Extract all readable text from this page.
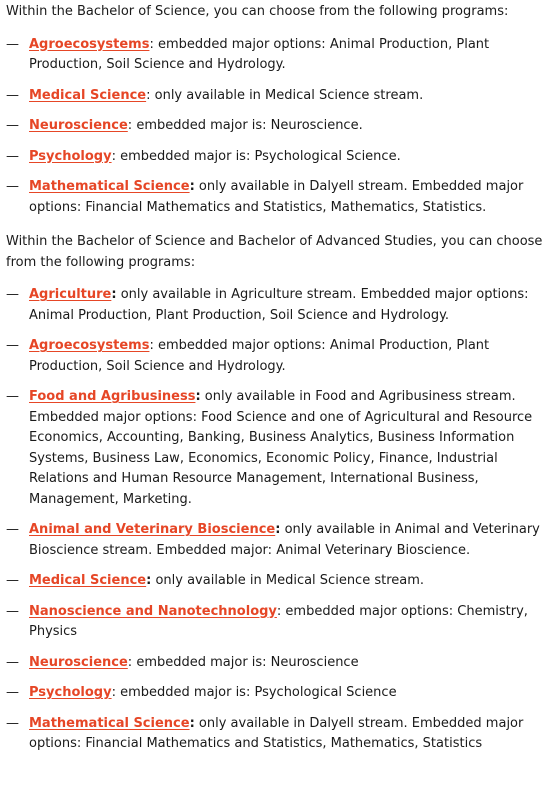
Within the Bachelor of Science, you can choose from the following programs:

— Agroecosystems: embedded major options: Animal Production, Plant Production, Soil Science and Hydrology.
— Medical Science: only available in Medical Science stream.
— Neuroscience: embedded major is: Neuroscience.
— Psychology: embedded major is: Psychological Science.
— Mathematical Science: only available in Dalyell stream. Embedded major options: Financial Mathematics and Statistics, Mathematics, Statistics.

Within the Bachelor of Science and Bachelor of Advanced Studies, you can choose from the following programs:

— Agriculture: only available in Agriculture stream. Embedded major options: Animal Production, Plant Production, Soil Science and Hydrology.
— Agroecosystems: embedded major options: Animal Production, Plant Production, Soil Science and Hydrology.
— Food and Agribusiness: only available in Food and Agribusiness stream. Embedded major options: Food Science and one of Agricultural and Resource Economics, Accounting, Banking, Business Analytics, Business Information Systems, Business Law, Economics, Economic Policy, Finance, Industrial Relations and Human Resource Management, International Business, Management, Marketing.
— Animal and Veterinary Bioscience: only available in Animal and Veterinary Bioscience stream. Embedded major: Animal Veterinary Bioscience.
— Medical Science: only available in Medical Science stream.
— Nanoscience and Nanotechnology: embedded major options: Chemistry, Physics
— Neuroscience: embedded major is: Neuroscience
— Psychology: embedded major is: Psychological Science
— Mathematical Science: only available in Dalyell stream. Embedded major options: Financial Mathematics and Statistics, Mathematics, Statistics
